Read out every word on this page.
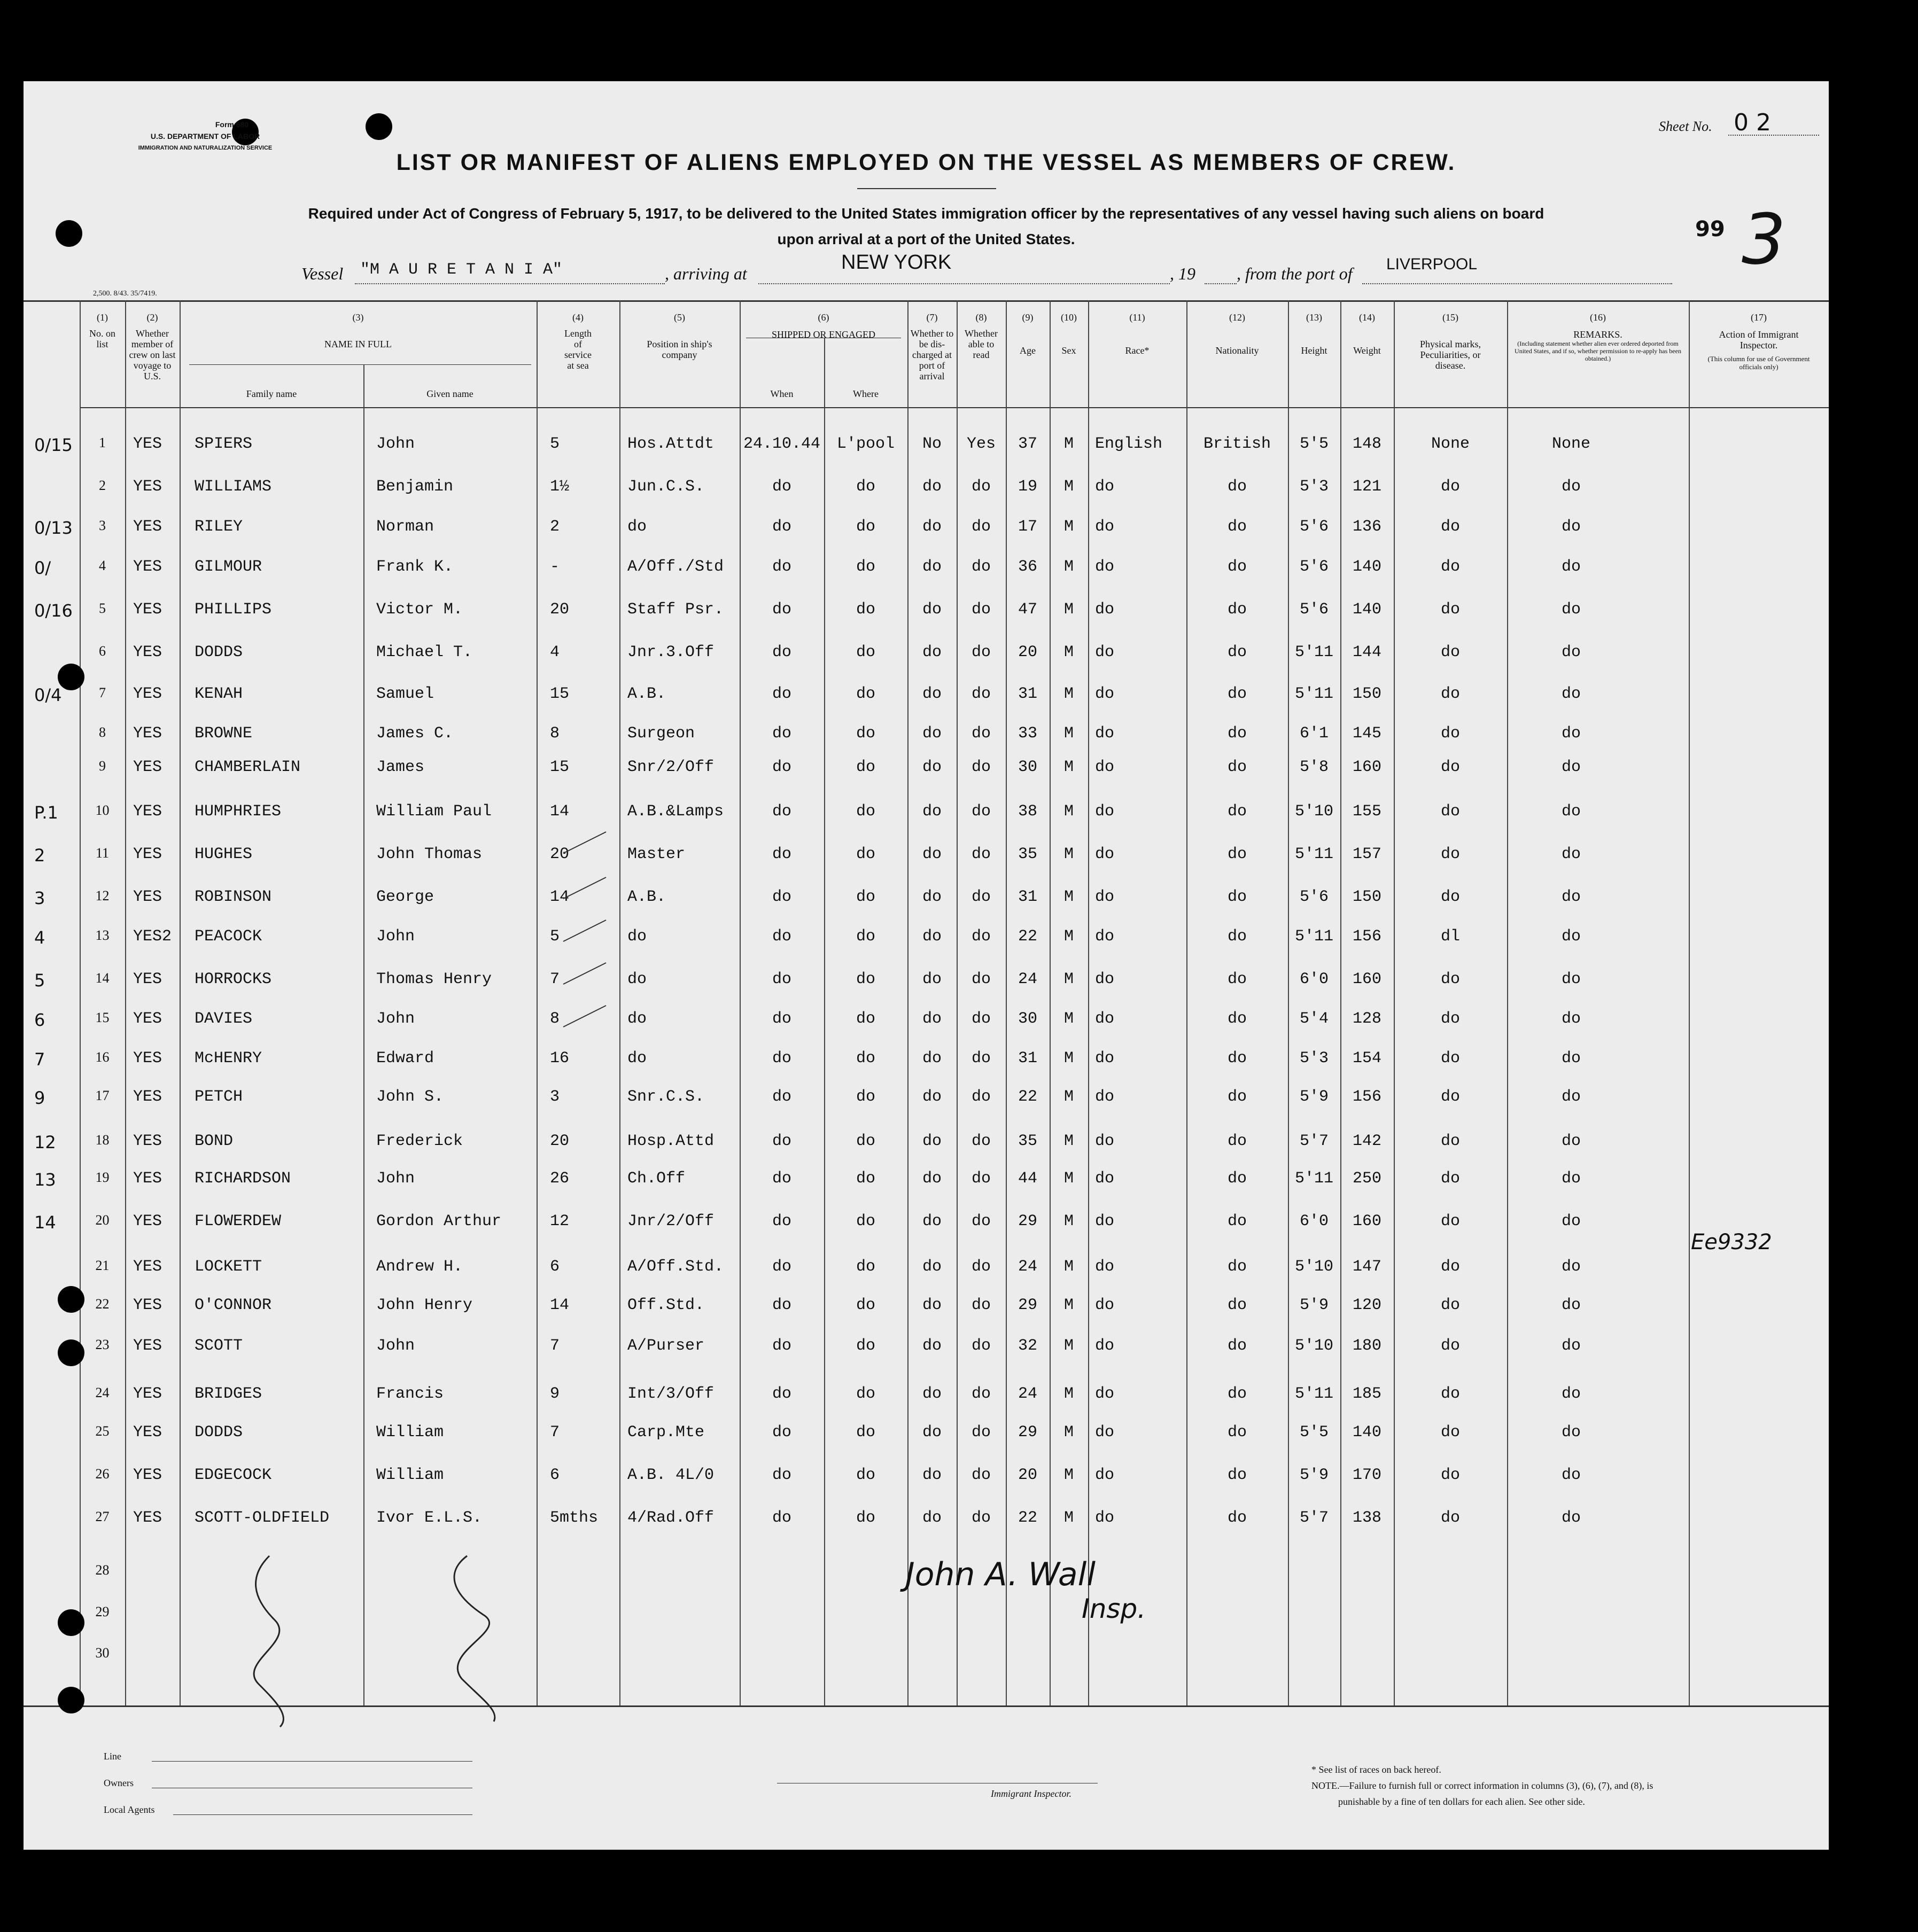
Form 680
U.S. DEPARTMENT OF LABOR
IMMIGRATION AND NATURALIZATION SERVICE
2,500. 8/43. 35/7419.
Sheet No. 0 2
LIST OR MANIFEST OF ALIENS EMPLOYED ON THE VESSEL AS MEMBERS OF CREW.
Required under Act of Congress of February 5, 1917, to be delivered to the United States immigration officer by the representatives of any vessel having such aliens on board
upon arrival at a port of the United States.	99 3
Vessel "M A U R E T A N I A"	, arriving at	NEW YORK	, 19 , from the port of LIVERPOOL
(1)
No. on list
(2)
Whether member of crew on last voyage to U.S.
(3)
NAME IN FULL
Family name	Given name
(4)
Length of service at sea
(5)
Position in ship's company
(6)
SHIPPED OR ENGAGED
When	Where
(7)
Whether to be dis-charged at port of arrival
(8)
Whether able to read
(9)
Age
(10)
Sex
(11)
Race*
(12)
Nationality
(13)
Height
(14)
Weight
(15)
Physical marks, Peculiarities, or disease.
(16)
REMARKS.
(Including statement whether alien ever ordered deported from United States, and if so, whether permission to re-apply has been obtained.)
(17)
Action of Immigrant Inspector.
(This column for use of Government officials only)
0/15	1	YES SPIERS	John	5	Hos.Attdt 24.10.44	L'pool	No	Yes	37	M	English	British	5'5	148	None	None
2	YES WILLIAMS	Benjamin	1½	Jun.C.S.	do	do	do	do	19	M	do	do	5'3	121	do	do
0/13	3	YES RILEY	Norman	2	do	do	do	do	do	17	M	do	do	5'6	136	do	do
0/	4	YES GILMOUR	Frank K.	-	A/Off./Std	do	do	do	do	36	M	do	do	5'6	140	do	do
0/16	5	YES PHILLIPS	Victor M.	20	Staff Psr.	do	do	do	do	47	M	do	do	5'6	140	do	do
6	YES DODDS	Michael T.	4	Jnr.3.Off	do	do	do	do	20	M	do	do	5'11	144	do	do
0/4	7	YES KENAH	Samuel	15	A.B.	do	do	do	do	31	M	do	do	5'11	150	do	do
8	YES BROWNE	James C.	8	Surgeon	do	do	do	do	33	M	do	do	6'1	145	do	do
9	YES CHAMBERLAIN	James	15	Snr/2/Off	do	do	do	do	30	M	do	do	5'8	160	do	do
P.1	10	YES HUMPHRIES	William Paul	14	A.B.&Lamps	do	do	do	do	38	M	do	do	5'10	155	do	do
2	11	YES HUGHES	John Thomas	20	Master	do	do	do	do	35	M	do	do	5'11	157	do	do
3	12	YES ROBINSON	George	14	A.B.	do	do	do	do	31	M	do	do	5'6	150	do	do
4	13	YES2 PEACOCK	John	5	do	do	do	do	do	22	M	do	do	5'11	156	dl	do
5	14	YES HORROCKS	Thomas Henry	7	do	do	do	do	do	24	M	do	do	6'0	160	do	do
6	15	YES DAVIES	John	8	do	do	do	do	do	30	M	do	do	5'4	128	do	do
7	16	YES McHENRY	Edward	16	do	do	do	do	do	31	M	do	do	5'3	154	do	do
9	17	YES PETCH	John S.	3	Snr.C.S.	do	do	do	do	22	M	do	do	5'9	156	do	do
12	18	YES BOND	Frederick	20	Hosp.Attd	do	do	do	do	35	M	do	do	5'7	142	do	do
13	19	YES RICHARDSON	John	26	Ch.Off	do	do	do	do	44	M	do	do	5'11	250	do	do
14	20	YES FLOWERDEW	Gordon Arthur	12	Jnr/2/Off	do	do	do	do	29	M	do	do	6'0	160	do	do
21	YES LOCKETT	Andrew H.	6	A/Off.Std.	do	do	do	do	24	M	do	do	5'10	147	do	do
22	YES O'CONNOR	John Henry	14	Off.Std.	do	do	do	do	29	M	do	do	5'9	120	do	do
23	YES SCOTT	John	7	A/Purser	do	do	do	do	32	M	do	do	5'10	180	do	do
24	YES BRIDGES	Francis	9	Int/3/Off	do	do	do	do	24	M	do	do	5'11	185	do	do
25	YES DODDS	William	7	Carp.Mte	do	do	do	do	29	M	do	do	5'5	140	do	do
26	YES EDGECOCK	William	6	A.B. 4L/0	do	do	do	do	20	M	do	do	5'9	170	do	do
27	YES SCOTT-OLDFIELD	Ivor E.L.S.	5mths 4/Rad.Off	do	do	do	do	22	M	do	do	5'7	138	do	do
28
29
30
John A. Wall
Insp.
Ee9332
Line
Owners
Local Agents
Immigrant Inspector.
* See list of races on back hereof.
NOTE.—Failure to furnish full or correct information in columns (3), (6), (7), and (8), is
punishable by a fine of ten dollars for each alien. See other side.
